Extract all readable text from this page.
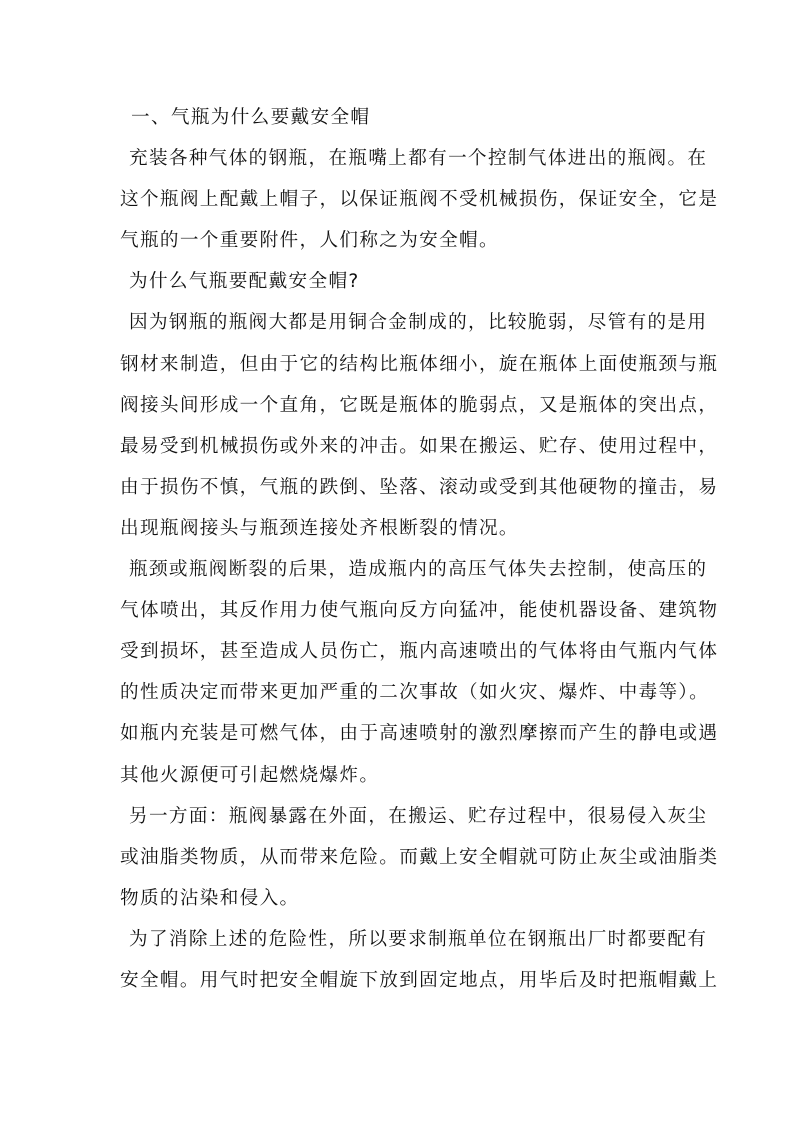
一、气瓶为什么要戴安全帽
充装各种气体的钢瓶，在瓶嘴上都有一个控制气体进出的瓶阀。在
这个瓶阀上配戴上帽子，以保证瓶阀不受机械损伤，保证安全，它是
气瓶的一个重要附件，人们称之为安全帽。
为什么气瓶要配戴安全帽?
因为钢瓶的瓶阀大都是用铜合金制成的，比较脆弱，尽管有的是用
钢材来制造，但由于它的结构比瓶体细小，旋在瓶体上面使瓶颈与瓶
阀接头间形成一个直角，它既是瓶体的脆弱点，又是瓶体的突出点，
最易受到机械损伤或外来的冲击。如果在搬运、贮存、使用过程中，
由于损伤不慎，气瓶的跌倒、坠落、滚动或受到其他硬物的撞击，易
出现瓶阀接头与瓶颈连接处齐根断裂的情况。
瓶颈或瓶阀断裂的后果，造成瓶内的高压气体失去控制，使高压的
气体喷出，其反作用力使气瓶向反方向猛冲，能使机器设备、建筑物
受到损坏，甚至造成人员伤亡，瓶内高速喷出的气体将由气瓶内气体
的性质决定而带来更加严重的二次事故（如火灾、爆炸、中毒等）。
如瓶内充装是可燃气体，由于高速喷射的激烈摩擦而产生的静电或遇
其他火源便可引起燃烧爆炸。
另一方面：瓶阀暴露在外面，在搬运、贮存过程中，很易侵入灰尘
或油脂类物质，从而带来危险。而戴上安全帽就可防止灰尘或油脂类
物质的沾染和侵入。
为了消除上述的危险性，所以要求制瓶单位在钢瓶出厂时都要配有
安全帽。用气时把安全帽旋下放到固定地点，用毕后及时把瓶帽戴上
